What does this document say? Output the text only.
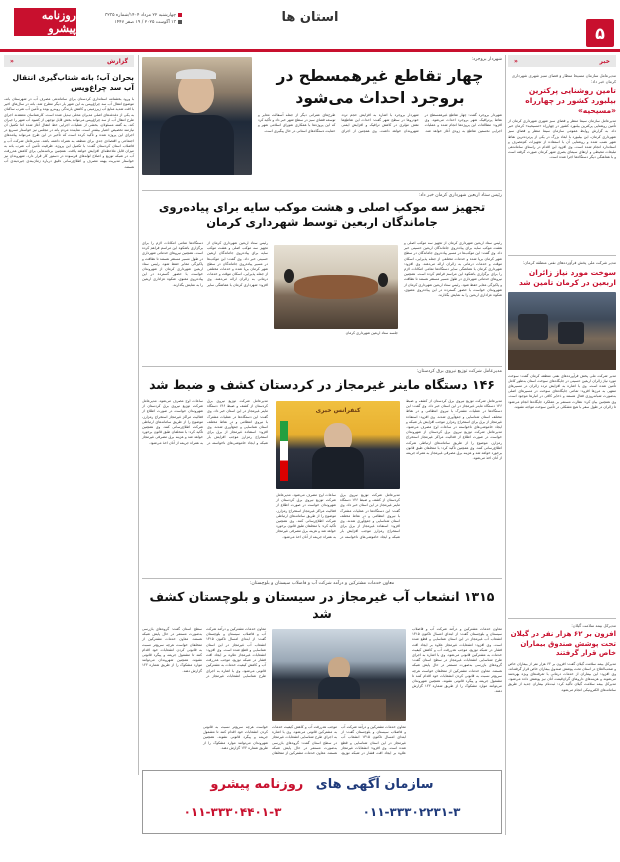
۵
استان ها
روزنامه پیشرو
چهارشنبه ۲۲ مرداد ۱۴۰۴/شماره ۳۲۳۵
۱۳ آگوست ۲۰۲۵ / ۱۹ صفر ۱۴۴۷
خبر
«
مدیرعامل سازمان مسیحا منظار و فضای سبز شهری شهرداری کرمان خبر داد:
تامین روشنایی پرکترین بیلبورد کشور در چهارراه «مسیحیه»
مدیرعامل سازمان سیما منظر و فضای سبز شهری شهرداری کرمان از تأمین روشنایی پرکترین بیلبورد کشور در چهارراه «مسیحیه» کرمان خبر داد. به گزارش روابط عمومی سازمان سیما منظر و فضای سبز شهرداری کرمان، این بیلبورد با ابعاد بزرگ در یکی از پرترددترین نقاط شهر نصب شده و روشنایی آن با استفاده از تجهیزات کم‌مصرف و استاندارد انجام شده است. وی افزود این اقدام در راستای ساماندهی تبلیغات محیطی و ارتقای سیمای بصری شهر کرمان صورت گرفته است و با هماهنگی دیگر دستگاه‌ها اجرا شده است.
مدیر شرکت ملی پخش فرآورده‌های نفتی منطقه کرمان:
سوخت مورد نیاز زائران اربعین در کرمان تامین شد
مدیر شرکت ملی پخش فرآورده‌های نفتی منطقه کرمان گفت: سوخت مورد نیاز زائران اربعین حسینی در جایگاه‌های سوخت استان به‌طور کامل تأمین شده است. وی با اشاره به افزایش تردد زائران در مسیرهای منتهی به مرزها افزود: تمامی جایگاه‌های سوخت در مسیرهای اصلی به‌صورت شبانه‌روزی فعال هستند و ذخایر کافی در انبارها موجود است. وی همچنین بیان کرد: نظارت مستمر بر عملکرد جایگاه‌ها انجام می‌شود تا زائران در طول سفر با هیچ مشکلی در تأمین سوخت مواجه نشوند.
مدیرکل بیمه سلامت گیلان:
افزون بر ۶۲ هزار نفر در گیلان تحت پوشش صندوق بیماران خاص قرار گرفتند
مدیرکل بیمه سلامت گیلان گفت: افزون بر ۶۲ هزار نفر از بیماران خاص و صعب‌العلاج در استان تحت پوشش صندوق بیماران خاص قرار گرفته‌اند. وی افزود: این بیماران از خدمات درمانی با تعرفه‌های ویژه بهره‌مند می‌شوند و هزینه‌های داروهای گران‌قیمت آنان نیز پوشش داده می‌شود. مدیرکل بیمه سلامت گیلان تأکید کرد: ثبت‌نام بیماران جدید از طریق سامانه‌های الکترونیکی انجام می‌شود.
گزارش
«
بحران آب؛ بانه شتاب‌گیری انتقال آب سد چراغ‌ویس
با ورود بخشنامه استانداری کردستان برای ساماندهی مصرف آب در شهرستان بانه، موضوع انتقال آب سد چراغ‌ویس به این شهر بار دیگر مطرح شد. بانه در سال‌های اخیر با افت شدید منابع آب زیرزمینی و کاهش بارندگی روبه‌رو بوده و تأمین آب شرب ساکنان به یکی از دغدغه‌های اصلی مدیران محلی تبدیل شده است. کارشناسان معتقدند اجرای طرح انتقال آب از سد چراغ‌ویس می‌تواند بخش قابل توجهی از کمبود آب شهر را جبران کند. به گفته مسئولان، بخشی از عملیات اجرایی خط انتقال آغاز شده اما تکمیل آن نیازمند تخصیص اعتبار بیشتر است. نماینده مردم بانه در مجلس نیز خواستار تسریع در اجرای این پروژه شده و تأکید کرده است که تأخیر در این طرح می‌تواند پیامدهای اجتماعی و اقتصادی جدی برای منطقه به همراه داشته باشد. مدیرعامل شرکت آب و فاضلاب استان کردستان گفت: با تکمیل این پروژه، ظرفیت تأمین آب شرب بانه به میزان قابل ملاحظه‌ای افزایش خواهد یافت. همچنین برنامه‌هایی برای کاهش هدررفت آب در شبکه توزیع و اصلاح لوله‌های فرسوده در دستور کار قرار دارد. شهروندان نیز خواستار مدیریت بهینه مصرف و اطلاع‌رسانی دقیق درباره زمان‌بندی جیره‌بندی آب هستند.
شهردار بروجرد:
چهار تقاطع غیرهمسطح در بروجرد احداث می‌شود
شهردار بروجرد گفت: چهار تقاطع غیرهمسطح در نقاط پرترافیک شهر بروجرد احداث می‌شود. وی افزود: مطالعات این پروژه‌ها انجام شده و عملیات اجرایی نخستین تقاطع به زودی آغاز خواهد شد. شهردار بروجرد با اشاره به افزایش حجم تردد خودروها در سطح شهر گفت: احداث این تقاطع‌ها نقش مؤثری در کاهش ترافیک و افزایش ایمنی شهروندان خواهد داشت. وی همچنین از اجرای طرح‌های عمرانی دیگر از جمله آسفالت معابر و توسعه فضای سبز در سطح شهر خبر داد و تأکید کرد که این پروژه‌ها با همکاری شورای اسلامی شهر و حمایت دستگاه‌های استانی در حال پیگیری است.
رئیس ستاد اربعین شهرداری کرمان خبر داد:
تجهیز سه موکب اصلی و هشت موکب سایه برای پیاده‌روی جاماندگان اربعین توسط شهرداری کرمان
رئیس ستاد اربعین شهرداری کرمان از تجهیز سه موکب اصلی و هشت موکب سایه برای پیاده‌روی جاماندگان اربعین حسینی خبر داد. وی گفت: این موکب‌ها در مسیر پیاده‌روی جاماندگان در سطح شهر کرمان برپا شده و خدمات مختلفی از جمله پذیرایی، اسکان موقت و خدمات درمانی به زائران ارائه می‌دهند. وی افزود: شهرداری کرمان با هماهنگی سایر دستگاه‌ها تمامی امکانات لازم را برای برگزاری باشکوه این مراسم فراهم کرده است. همچنین نیروهای خدماتی شهرداری در طول مسیر مستقر هستند تا نظافت و پاکیزگی معابر حفظ شود. رئیس ستاد اربعین شهرداری کرمان از شهروندان خواست با حضور گسترده در این پیاده‌روی معنوی، شکوه عزاداری اربعین را به نمایش بگذارند.
جلسه ستاد اربعین شهرداری کرمان
رئیس ستاد اربعین شهرداری کرمان از تجهیز سه موکب اصلی و هشت موکب سایه برای پیاده‌روی جاماندگان اربعین حسینی خبر داد. وی گفت: این موکب‌ها در مسیر پیاده‌روی جاماندگان در سطح شهر کرمان برپا شده و خدمات مختلفی از جمله پذیرایی، اسکان موقت و خدمات درمانی به زائران ارائه می‌دهند. وی افزود: شهرداری کرمان با هماهنگی سایر دستگاه‌ها تمامی امکانات لازم را برای برگزاری باشکوه این مراسم فراهم کرده است. همچنین نیروهای خدماتی شهرداری در طول مسیر مستقر هستند تا نظافت و پاکیزگی معابر حفظ شود. رئیس ستاد اربعین شهرداری کرمان از شهروندان خواست با حضور گسترده در این پیاده‌روی معنوی، شکوه عزاداری اربعین را به نمایش بگذارند.
مدیرعامل شرکت توزیع نیروی برق کردستان:
۱۴۶ دستگاه ماینر غیرمجاز در کردستان کشف و ضبط شد
مدیرعامل شرکت توزیع نیروی برق کردستان از کشف و ضبط ۱۴۶ دستگاه ماینر غیرمجاز در این استان خبر داد. وی گفت: این دستگاه‌ها در عملیات مشترک با نیروی انتظامی و در نقاط مختلف استان شناسایی و جمع‌آوری شدند. وی افزود: استفاده غیرمجاز از برق برای استخراج رمزارز موجب افزایش بار شبکه و ایجاد خاموشی‌های ناخواسته در ساعات اوج مصرف می‌شود. مدیرعامل شرکت توزیع نیروی برق کردستان از شهروندان خواست در صورت اطلاع از فعالیت مراکز غیرمجاز استخراج رمزارز، موضوع را از طریق سامانه‌های ارتباطی شرکت اطلاع‌رسانی کنند. وی همچنین تأکید کرد: با متخلفان طبق قانون برخورد خواهد شد و هزینه برق مصرفی غیرمجاز به همراه جریمه از آنان اخذ می‌شود.
کنفرانس خبری
مدیرعامل شرکت توزیع نیروی برق کردستان از کشف و ضبط ۱۴۶ دستگاه ماینر غیرمجاز در این استان خبر داد. وی گفت: این دستگاه‌ها در عملیات مشترک با نیروی انتظامی و در نقاط مختلف استان شناسایی و جمع‌آوری شدند. وی افزود: استفاده غیرمجاز از برق برای استخراج رمزارز موجب افزایش بار شبکه و ایجاد خاموشی‌های ناخواسته در ساعات اوج مصرف می‌شود. مدیرعامل شرکت توزیع نیروی برق کردستان از شهروندان خواست در صورت اطلاع از فعالیت مراکز غیرمجاز استخراج رمزارز، موضوع را از طریق سامانه‌های ارتباطی شرکت اطلاع‌رسانی کنند. وی همچنین تأکید کرد: با متخلفان طبق قانون برخورد خواهد شد و هزینه برق مصرفی غیرمجاز به همراه جریمه از آنان اخذ می‌شود.
مدیرعامل شرکت توزیع نیروی برق کردستان از کشف و ضبط ۱۴۶ دستگاه ماینر غیرمجاز در این استان خبر داد. وی گفت: این دستگاه‌ها در عملیات مشترک با نیروی انتظامی و در نقاط مختلف استان شناسایی و جمع‌آوری شدند. وی افزود: استفاده غیرمجاز از برق برای استخراج رمزارز موجب افزایش بار شبکه و ایجاد خاموشی‌های ناخواسته در ساعات اوج مصرف می‌شود. مدیرعامل شرکت توزیع نیروی برق کردستان از شهروندان خواست در صورت اطلاع از فعالیت مراکز غیرمجاز استخراج رمزارز، موضوع را از طریق سامانه‌های ارتباطی شرکت اطلاع‌رسانی کنند. وی همچنین تأکید کرد: با متخلفان طبق قانون برخورد خواهد شد و هزینه برق مصرفی غیرمجاز به همراه جریمه از آنان اخذ می‌شود.
معاون خدمات مشترکین و درآمد شرکت آب و فاضلاب سیستان و بلوچستان:
۱۳۱۵ انشعاب آب غیرمجاز در سیستان و بلوچستان کشف شد
معاون خدمات مشترکین و درآمد شرکت آب و فاضلاب سیستان و بلوچستان گفت: از ابتدای امسال تاکنون ۱۳۱۵ انشعاب آب غیرمجاز در این استان شناسایی و قطع شده است. وی افزود: انشعابات غیرمجاز علاوه بر ایجاد افت فشار در شبکه توزیع، موجب هدررفت آب و کاهش کیفیت خدمات به مشترکین قانونی می‌شود. وی با اشاره به اجرای طرح شناسایی انشعابات غیرمجاز در سطح استان گفت: گروه‌های بازرسی به‌صورت مستمر در حال پایش شبکه هستند. معاون خدمات مشترکین از متخلفان خواست هرچه سریع‌تر نسبت به قانونی کردن انشعابات خود اقدام کنند تا مشمول جریمه و پیگرد قانونی نشوند. همچنین شهروندان می‌توانند موارد مشکوک را از طریق شماره ۱۲۲ گزارش دهند.
معاون خدمات مشترکین و درآمد شرکت آب و فاضلاب سیستان و بلوچستان گفت: از ابتدای امسال تاکنون ۱۳۱۵ انشعاب آب غیرمجاز در این استان شناسایی و قطع شده است. وی افزود: انشعابات غیرمجاز علاوه بر ایجاد افت فشار در شبکه توزیع، موجب هدررفت آب و کاهش کیفیت خدمات به مشترکین قانونی می‌شود. وی با اشاره به اجرای طرح شناسایی انشعابات غیرمجاز در سطح استان گفت: گروه‌های بازرسی به‌صورت مستمر در حال پایش شبکه هستند. معاون خدمات مشترکین از متخلفان خواست هرچه سریع‌تر نسبت به قانونی کردن انشعابات خود اقدام کنند تا مشمول جریمه و پیگرد قانونی نشوند. همچنین شهروندان می‌توانند موارد مشکوک را از طریق شماره ۱۲۲ گزارش دهند.
معاون خدمات مشترکین و درآمد شرکت آب و فاضلاب سیستان و بلوچستان گفت: از ابتدای امسال تاکنون ۱۳۱۵ انشعاب آب غیرمجاز در این استان شناسایی و قطع شده است. وی افزود: انشعابات غیرمجاز علاوه بر ایجاد افت فشار در شبکه توزیع، موجب هدررفت آب و کاهش کیفیت خدمات به مشترکین قانونی می‌شود. وی با اشاره به اجرای طرح شناسایی انشعابات غیرمجاز در سطح استان گفت: گروه‌های بازرسی به‌صورت مستمر در حال پایش شبکه هستند. معاون خدمات مشترکین از متخلفان خواست هرچه سریع‌تر نسبت به قانونی کردن انشعابات خود اقدام کنند تا مشمول جریمه و پیگرد قانونی نشوند. همچنین شهروندان می‌توانند موارد مشکوک را از طریق شماره ۱۲۲ گزارش دهند.
سازمان آگهی های روزنامه پیشرو
۰۱۱-۳۳۳۰۲۲۳۱-۳
۰۱۱-۳۳۳۰۴۴۰۱-۳
